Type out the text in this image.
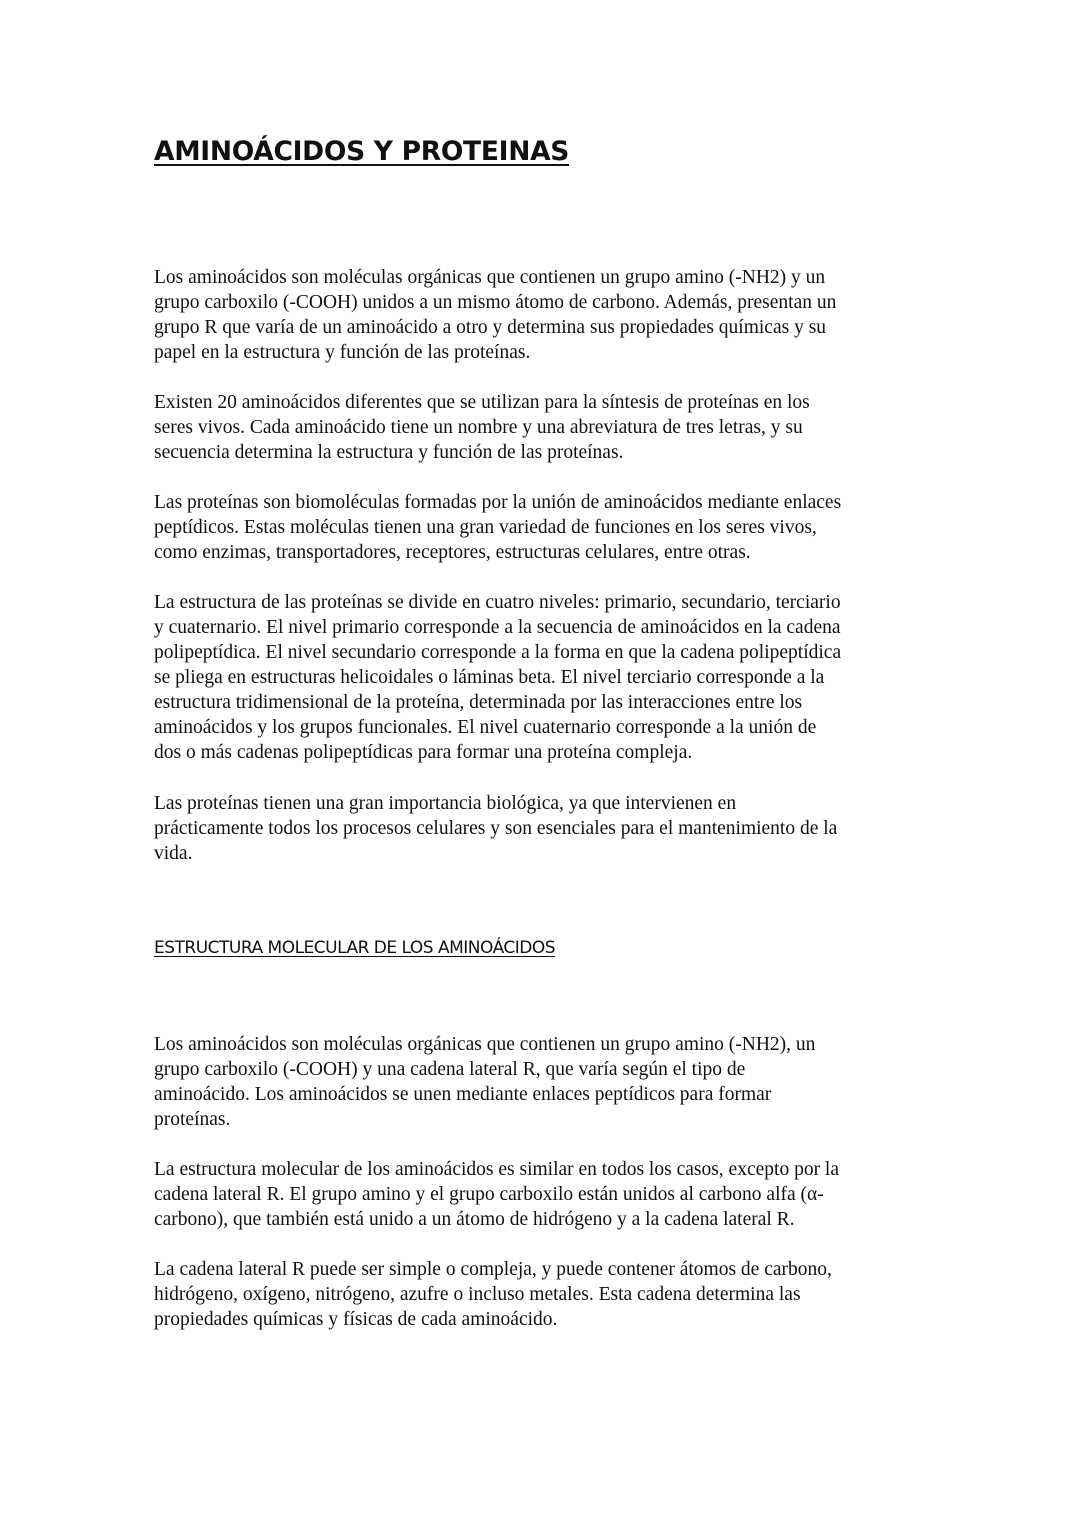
AMINOÁCIDOS Y PROTEINAS

Los aminoácidos son moléculas orgánicas que contienen un grupo amino (-NH2) y un
grupo carboxilo (-COOH) unidos a un mismo átomo de carbono. Además, presentan un
grupo R que varía de un aminoácido a otro y determina sus propiedades químicas y su
papel en la estructura y función de las proteínas.

Existen 20 aminoácidos diferentes que se utilizan para la síntesis de proteínas en los
seres vivos. Cada aminoácido tiene un nombre y una abreviatura de tres letras, y su
secuencia determina la estructura y función de las proteínas.

Las proteínas son biomoléculas formadas por la unión de aminoácidos mediante enlaces
peptídicos. Estas moléculas tienen una gran variedad de funciones en los seres vivos,
como enzimas, transportadores, receptores, estructuras celulares, entre otras.

La estructura de las proteínas se divide en cuatro niveles: primario, secundario, terciario
y cuaternario. El nivel primario corresponde a la secuencia de aminoácidos en la cadena
polipeptídica. El nivel secundario corresponde a la forma en que la cadena polipeptídica
se pliega en estructuras helicoidales o láminas beta. El nivel terciario corresponde a la
estructura tridimensional de la proteína, determinada por las interacciones entre los
aminoácidos y los grupos funcionales. El nivel cuaternario corresponde a la unión de
dos o más cadenas polipeptídicas para formar una proteína compleja.

Las proteínas tienen una gran importancia biológica, ya que intervienen en
prácticamente todos los procesos celulares y son esenciales para el mantenimiento de la
vida.

ESTRUCTURA MOLECULAR DE LOS AMINOÁCIDOS

Los aminoácidos son moléculas orgánicas que contienen un grupo amino (-NH2), un
grupo carboxilo (-COOH) y una cadena lateral R, que varía según el tipo de
aminoácido. Los aminoácidos se unen mediante enlaces peptídicos para formar
proteínas.

La estructura molecular de los aminoácidos es similar en todos los casos, excepto por la
cadena lateral R. El grupo amino y el grupo carboxilo están unidos al carbono alfa (α-
carbono), que también está unido a un átomo de hidrógeno y a la cadena lateral R.

La cadena lateral R puede ser simple o compleja, y puede contener átomos de carbono,
hidrógeno, oxígeno, nitrógeno, azufre o incluso metales. Esta cadena determina las
propiedades químicas y físicas de cada aminoácido.
